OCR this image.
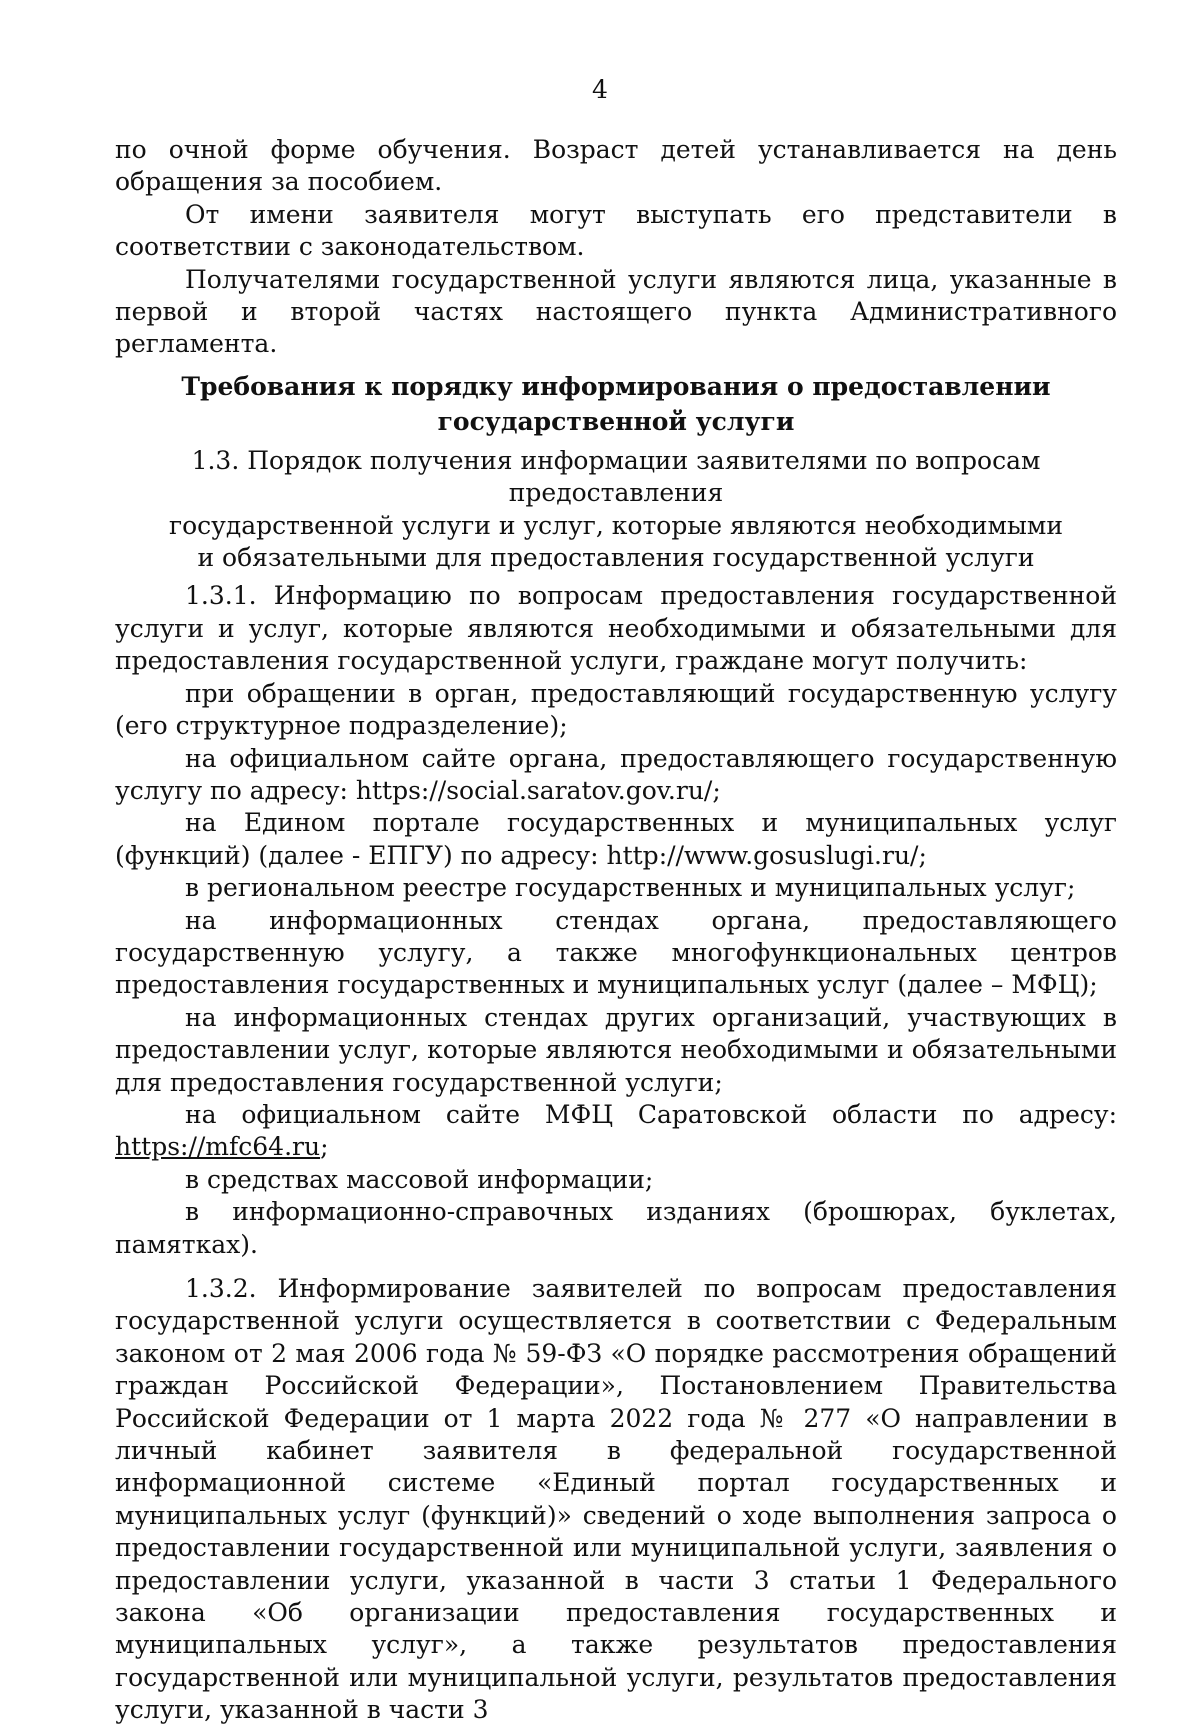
4

по очной форме обучения. Возраст детей устанавливается на день обращения за пособием.

От имени заявителя могут выступать его представители в соответствии с законодательством.

Получателями государственной услуги являются лица, указанные в первой и второй частях настоящего пункта Административного регламента.

Требования к порядку информирования о предоставлении государственной услуги
1.3. Порядок получения информации заявителями по вопросам предоставления
государственной услуги и услуг, которые являются необходимыми
и обязательными для предоставления государственной услуги

1.3.1. Информацию по вопросам предоставления государственной услуги и услуг, которые являются необходимыми и обязательными для предоставления государственной услуги, граждане могут получить:

при обращении в орган, предоставляющий государственную услугу (его структурное подразделение);

на официальном сайте органа, предоставляющего государственную услугу по адресу: https://social.saratov.gov.ru/;

на Едином портале государственных и муниципальных услуг (функций) (далее - ЕПГУ) по адресу: http://www.gosuslugi.ru/;

в региональном реестре государственных и муниципальных услуг;

на информационных стендах органа, предоставляющего государственную услугу, а также многофункциональных центров предоставления государственных и муниципальных услуг (далее – МФЦ);

на информационных стендах других организаций, участвующих в предоставлении услуг, которые являются необходимыми и обязательными для предоставления государственной услуги;

на официальном сайте МФЦ Саратовской области по адресу: https://mfc64.ru;

в средствах массовой информации;

в информационно-справочных изданиях (брошюрах, буклетах, памятках).

1.3.2. Информирование заявителей по вопросам предоставления государственной услуги осуществляется в соответствии с Федеральным законом от 2 мая 2006 года № 59-ФЗ «О порядке рассмотрения обращений граждан Российской Федерации», Постановлением Правительства Российской Федерации от 1 марта 2022 года № 277 «О направлении в личный кабинет заявителя в федеральной государственной информационной системе «Единый портал государственных и муниципальных услуг (функций)» сведений о ходе выполнения запроса о предоставлении государственной или муниципальной услуги, заявления о предоставлении услуги, указанной в части 3 статьи 1 Федерального закона «Об организации предоставления государственных и муниципальных услуг», а также результатов предоставления государственной или муниципальной услуги, результатов предоставления услуги, указанной в части 3
